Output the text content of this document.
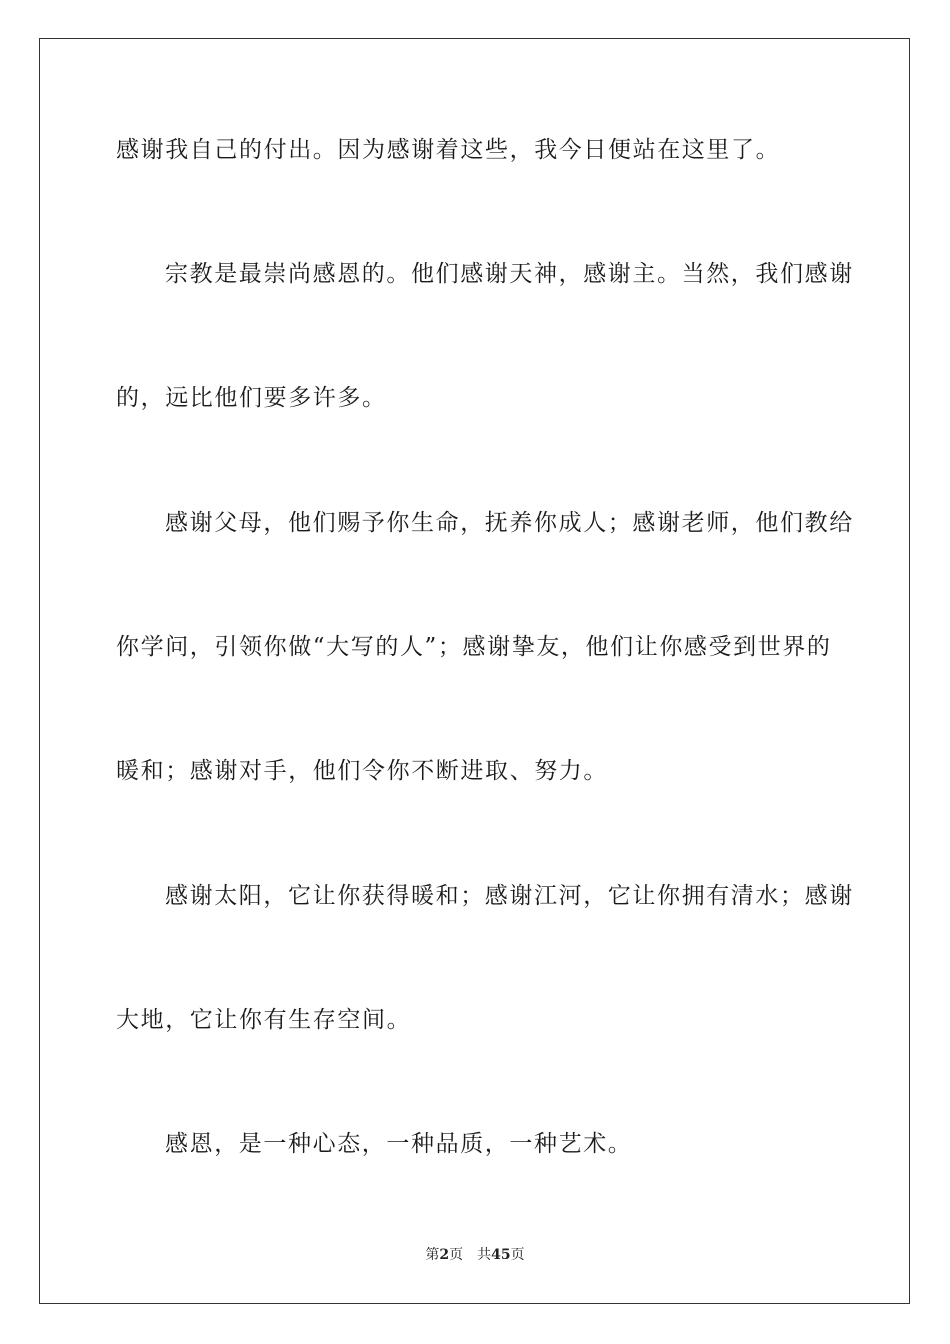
感谢我自己的付出。因为感谢着这些，我今日便站在这里了。
宗教是最崇尚感恩的。他们感谢天神，感谢主。当然，我们感谢
的，远比他们要多许多。
感谢父母，他们赐予你生命，抚养你成人；感谢老师，他们教给
你学问，引领你做“大写的人”；感谢挚友，他们让你感受到世界的
暖和；感谢对手，他们令你不断进取、努力。
感谢太阳，它让你获得暖和；感谢江河，它让你拥有清水；感谢
大地，它让你有生存空间。
感恩，是一种心态，一种品质，一种艺术。
第2页 共45页
